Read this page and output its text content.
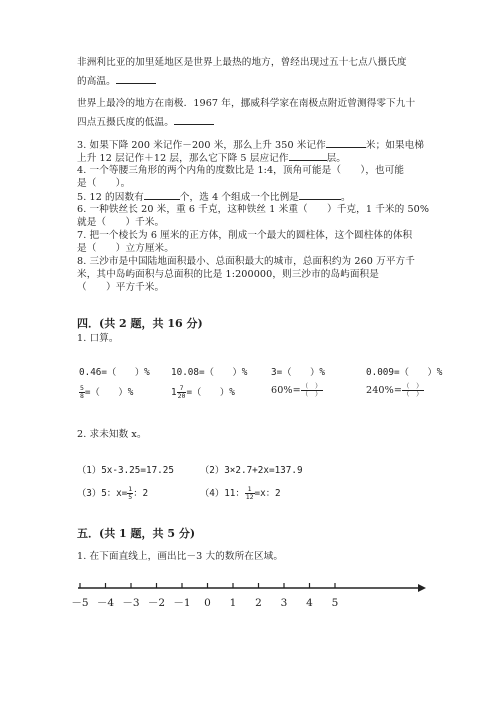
非洲利比亚的加里延地区是世界上最热的地方，曾经出现过五十七点八摄氏度
的高温。
世界上最冷的地方在南极．1967 年，挪威科学家在南极点附近曾测得零下九十
四点五摄氏度的低温。
3. 如果下降 200 米记作－200 米，那么上升 350 米记作	米；如果电梯
上升 12 层记作＋12 层，那么它下降 5 层应记作	层。
4. 一个等腰三角形的两个内角的度数比是 1:4，顶角可能是（　　），也可能
是（　　）。
5. 12 的因数有	个，选 4 个组成一个比例是	。
6. 一种铁丝长 20 米，重 6 千克，这种铁丝 1 米重（　　）千克，1 千米的 50%
就是（　　）千米。
7. 把一个棱长为 6 厘米的正方体，削成一个最大的圆柱体，这个圆柱体的体积
是（　　）立方厘米。
8. 三沙市是中国陆地面积最小、总面积最大的城市，总面积约为 260 万平方千
米，其中岛屿面积与总面积的比是 1:200000，则三沙市的岛屿面积是
（　　）平方千米。
四．(共 2 题，共 16 分)
1. 口算。
0.46=（　　）% 10.08=（　　）%	3=（　　）%	0.009=（　　）%
$\frac{5}{8}$ =（　　）%	$1 \frac{7}{20}$ =（　　）%	$60\%= \frac{( )}{( )}$	$240\%= \frac{( )}{( )}$
2. 求未知数 x。
（1）5x-3.25=17.25	（2）3×2.7+2x=137.9
（3）5：$x= \frac{1}{5}$ ：2	（4）11： $\frac{1}{12} =x$：2
五．(共 1 题，共 5 分)
1. 在下面直线上，画出比－3 大的数所在区域。
－5 －4 －3 －2 －1 0 1 2 3 4 5
